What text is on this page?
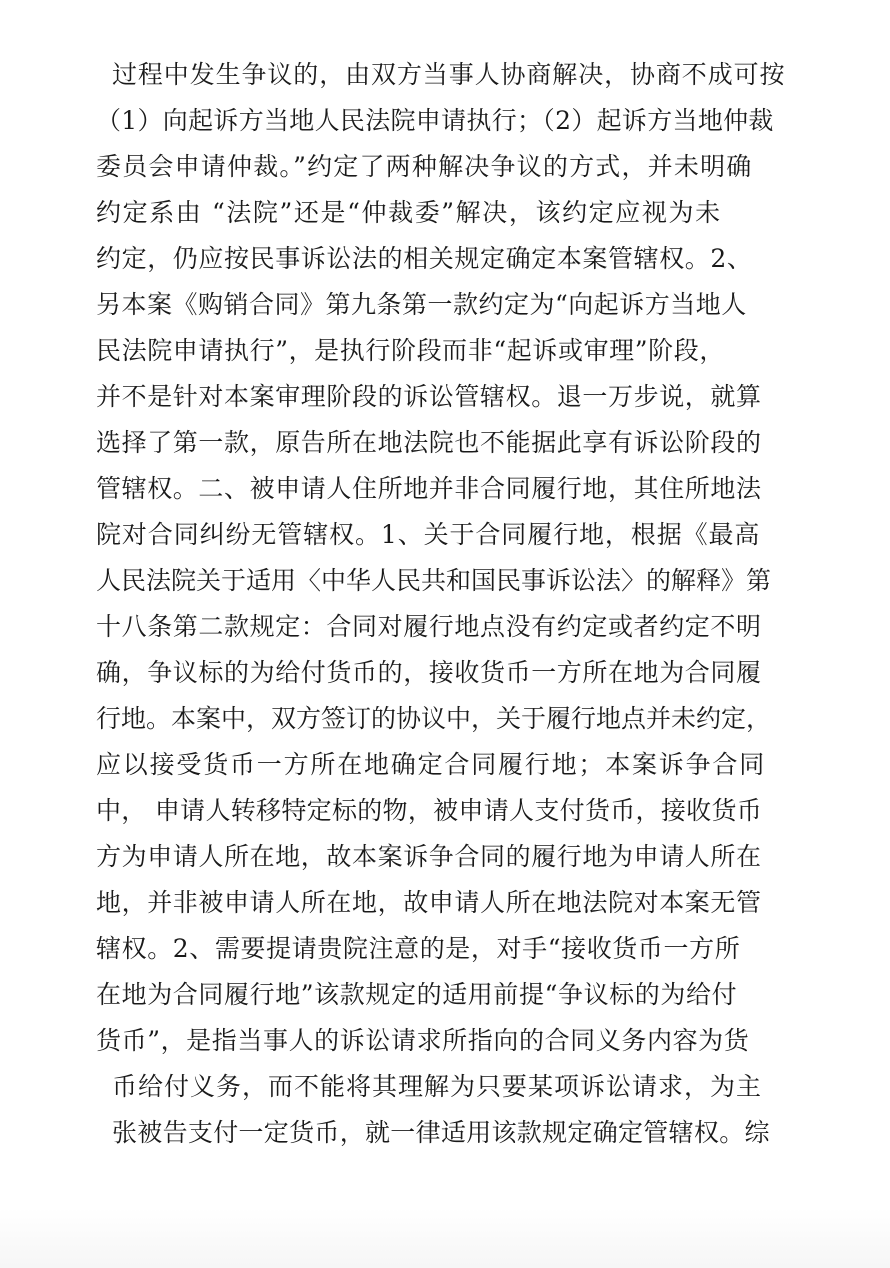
过程中发生争议的，由双方当事人协商解决，协商不成可按
（1）向起诉方当地人民法院申请执行；（2）起诉方当地仲裁
委员会申请仲裁。”约定了两种解决争议的方式，并未明确
约定系由 “法院”还是“仲裁委”解决，该约定应视为未
约定，仍应按民事诉讼法的相关规定确定本案管辖权。2、
另本案《购销合同》第九条第一款约定为“向起诉方当地人
民法院申请执行”，是执行阶段而非“起诉或审理”阶段，
并不是针对本案审理阶段的诉讼管辖权。退一万步说，就算
选择了第一款，原告所在地法院也不能据此享有诉讼阶段的
管辖权。二、被申请人住所地并非合同履行地，其住所地法
院对合同纠纷无管辖权。1、关于合同履行地，根据《最高
人民法院关于适用〈中华人民共和国民事诉讼法〉的解释》第
十八条第二款规定：合同对履行地点没有约定或者约定不明
确，争议标的为给付货币的，接收货币一方所在地为合同履
行地。本案中，双方签订的协议中，关于履行地点并未约定，
应以接受货币一方所在地确定合同履行地；本案诉争合同
中， 申请人转移特定标的物，被申请人支付货币，接收货币
方为申请人所在地，故本案诉争合同的履行地为申请人所在
地，并非被申请人所在地，故申请人所在地法院对本案无管
辖权。2、需要提请贵院注意的是，对手“接收货币一方所
在地为合同履行地”该款规定的适用前提“争议标的为给付
货币”，是指当事人的诉讼请求所指向的合同义务内容为货
币给付义务，而不能将其理解为只要某项诉讼请求，为主
张被告支付一定货币，就一律适用该款规定确定管辖权。综
